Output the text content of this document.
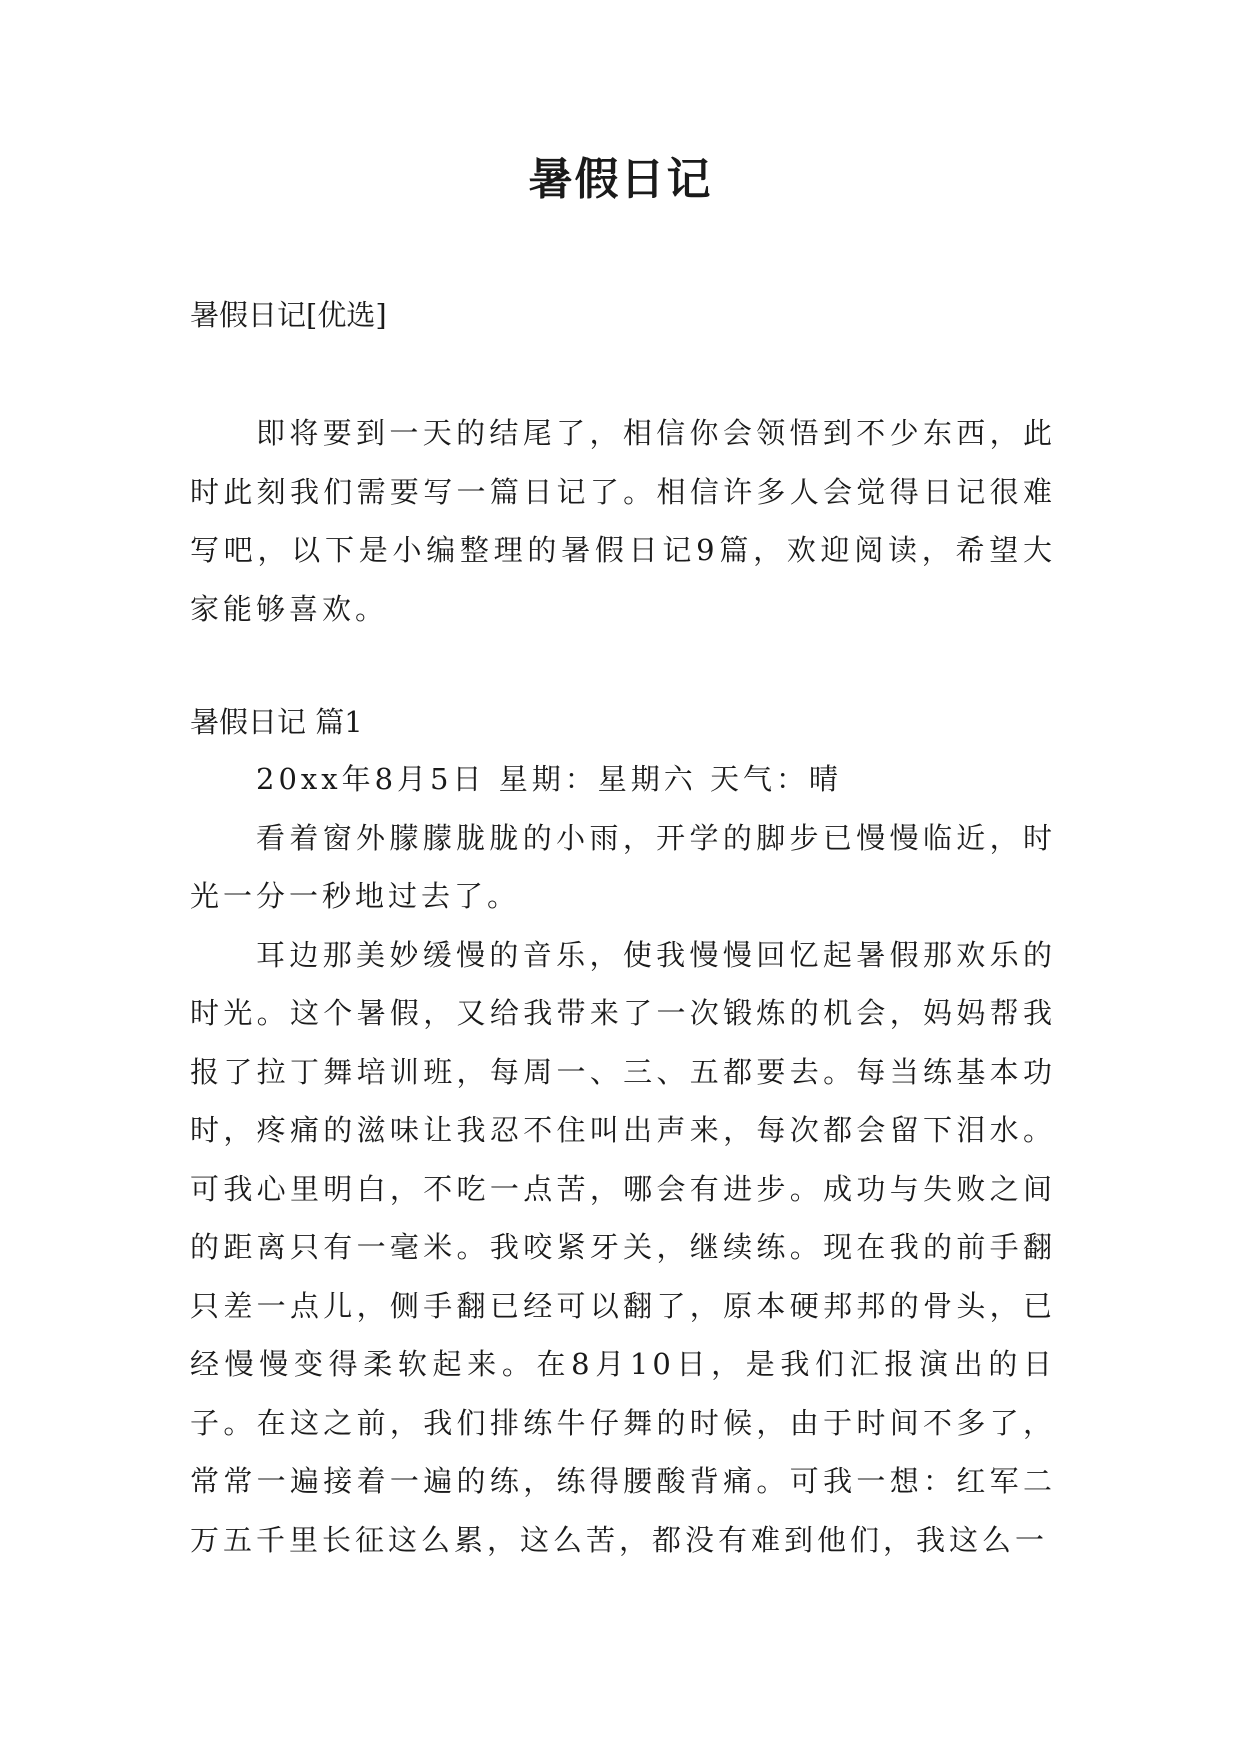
暑假日记

暑假日记[优选]

即将要到一天的结尾了，相信你会领悟到不少东西，此时此刻我们需要写一篇日记了。相信许多人会觉得日记很难写吧，以下是小编整理的暑假日记9篇，欢迎阅读，希望大家能够喜欢。

暑假日记 篇1

20xx年8月5日 星期：星期六 天气：晴

看着窗外朦朦胧胧的小雨，开学的脚步已慢慢临近，时光一分一秒地过去了。

耳边那美妙缓慢的音乐，使我慢慢回忆起暑假那欢乐的时光。这个暑假，又给我带来了一次锻炼的机会，妈妈帮我报了拉丁舞培训班，每周一、三、五都要去。每当练基本功时，疼痛的滋味让我忍不住叫出声来，每次都会留下泪水。可我心里明白，不吃一点苦，哪会有进步。成功与失败之间的距离只有一毫米。我咬紧牙关，继续练。现在我的前手翻只差一点儿，侧手翻已经可以翻了，原本硬邦邦的骨头，已经慢慢变得柔软起来。在8月10日，是我们汇报演出的日子。在这之前，我们排练牛仔舞的时候，由于时间不多了，常常一遍接着一遍的练，练得腰酸背痛。可我一想：红军二万五千里长征这么累，这么苦，都没有难到他们，我这么一
